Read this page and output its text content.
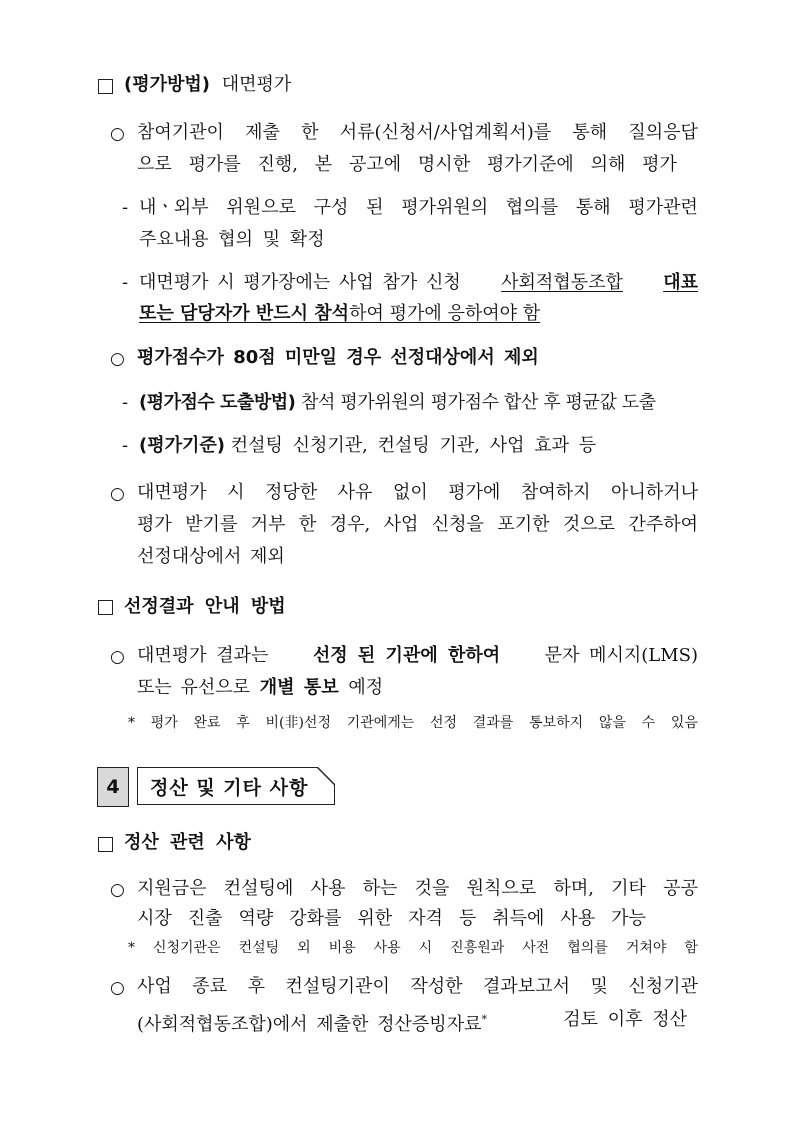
(평가방법) 대면평가
○ 참여기관이 제출 한 서류(신청서/사업계획서)를 통해 질의응답
으로 평가를 진행, 본 공고에 명시한 평가기준에 의해 평가
- 내ㆍ외부 위원으로 구성 된 평가위원의 협의를 통해 평가관련
주요내용 협의 및 확정
- 대면평가 시 평가장에는 사업 참가 신청 사회적협동조합 대표
또는 담당자가 반드시 참석하여 평가에 응하여야 함
○ 평가점수가 80점 미만일 경우 선정대상에서 제외
- (평가점수 도출방법) 참석 평가위원의 평가점수 합산 후 평균값 도출
- (평가기준) 컨설팅 신청기관, 컨설팅 기관, 사업 효과 등
○ 대면평가 시 정당한 사유 없이 평가에 참여하지 아니하거나
평가 받기를 거부 한 경우, 사업 신청을 포기한 것으로 간주하여
선정대상에서 제외
선정결과 안내 방법
○ 대면평가 결과는 선정 된 기관에 한하여 문자 메시지(LMS)
또는 유선으로 개별 통보 예정
* 평가 완료 후 비(非)선정 기관에게는 선정 결과를 통보하지 않을 수 있음
4	정산 및 기타 사항
정산 관련 사항
○ 지원금은 컨설팅에 사용 하는 것을 원칙으로 하며, 기타 공공
시장 진출 역량 강화를 위한 자격 등 취득에 사용 가능
* 신청기관은 컨설팅 외 비용 사용 시 진흥원과 사전 협의를 거쳐야 함
○ 사업 종료 후 컨설팅기관이 작성한 결과보고서 및 신청기관
(사회적협동조합)에서 제출한 정산증빙자료*	검토 이후 정산
